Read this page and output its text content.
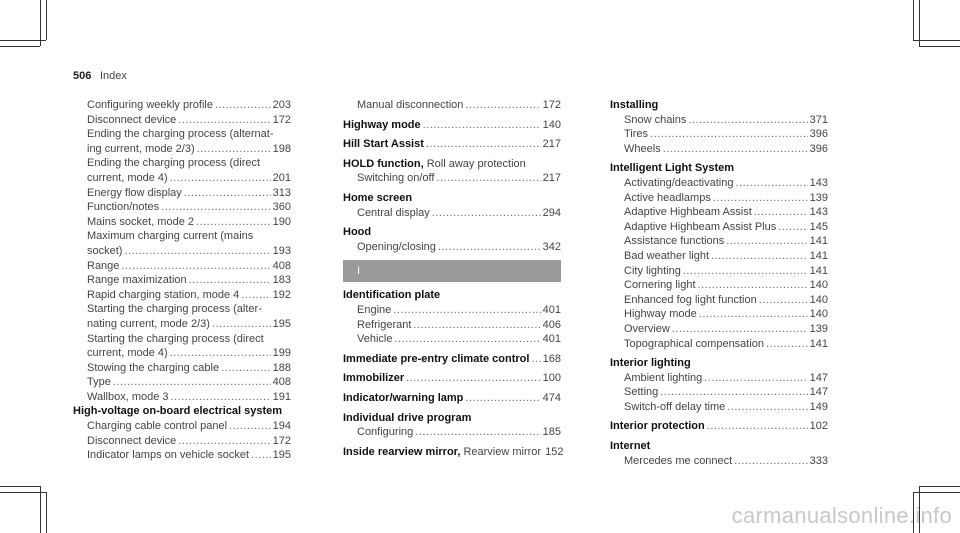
506 Index
Configuring weekly profile .....	203
Disconnect device .....	172
Ending the charging process (alternat-
ing current, mode 2/3) .....	198
Ending the charging process (direct
current, mode 4) .....	201
Energy flow display .....	313
Function/notes .....	360
Mains socket, mode 2 .....	190
Maximum charging current (mains
socket) .....	193
Range .....	408
Range maximization .....	183
Rapid charging station, mode 4 .....	192
Starting the charging process (alter-
nating current, mode 2/3) .....	195
Starting the charging process (direct
current, mode 4) .....	199
Stowing the charging cable .....	188
Type .....	408
Wallbox, mode 3 .....	191
High-voltage on-board electrical system
Charging cable control panel .....	194
Disconnect device .....	172
Indicator lamps on vehicle socket ..... 195
Manual disconnection .....	172
Highway mode .....	140
Hill Start Assist .....	217
HOLD function, Roll away protection
Switching on/off .....	217
Home screen
Central display .....	294
Hood
Opening/closing .....	342
I
Identification plate
Engine .....	401
Refrigerant .....	406
Vehicle .....	401
Immediate pre-entry climate control ..... 168
Immobilizer .....	100
Indicator/warning lamp .....	474
Individual drive program
Configuring .....	185
Inside rearview mirror, Rearview mirror 152
Installing
Snow chains .....	371
Tires .....	396
Wheels .....	396
Intelligent Light System
Activating/deactivating .....	143
Active headlamps .....	139
Adaptive Highbeam Assist .....	143
Adaptive Highbeam Assist Plus .....	145
Assistance functions .....	141
Bad weather light .....	141
City lighting .....	141
Cornering light .....	140
Enhanced fog light function .....	140
Highway mode .....	140
Overview .....	139
Topographical compensation .....	141
Interior lighting
Ambient lighting .....	147
Setting .....	147
Switch-off delay time .....	149
Interior protection .....	102
Internet
Mercedes me connect .....	333
carmanualsonline.info
